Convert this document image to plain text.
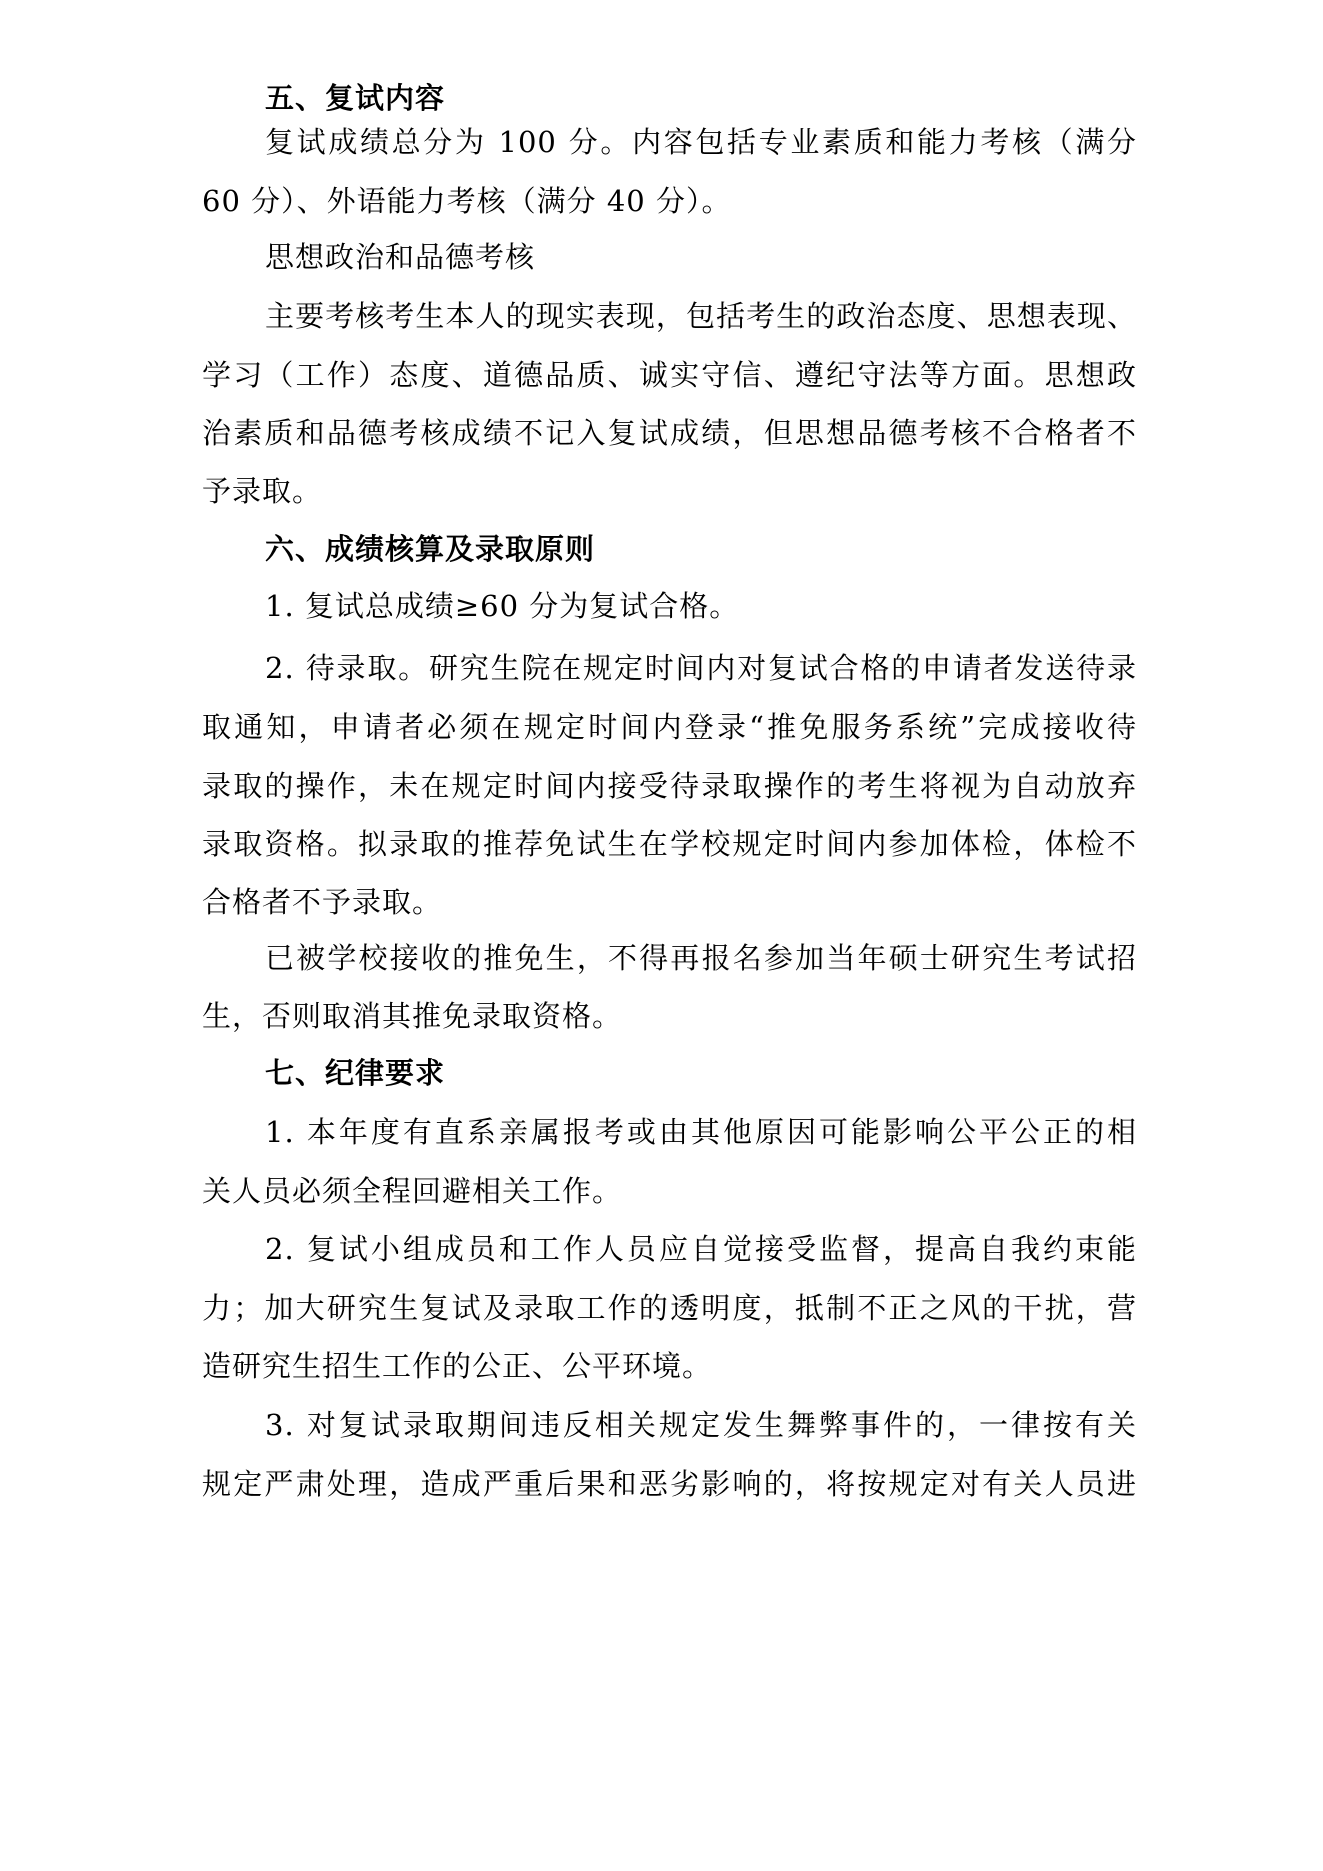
五、复试内容
复试成绩总分为 100 分。内容包括专业素质和能力考核（满分
60 分）、外语能力考核（满分 40 分）。
思想政治和品德考核
主要考核考生本人的现实表现，包括考生的政治态度、思想表现、
学习（工作）态度、道德品质、诚实守信、遵纪守法等方面。思想政
治素质和品德考核成绩不记入复试成绩，但思想品德考核不合格者不
予录取。
六、成绩核算及录取原则
1. 复试总成绩≥60 分为复试合格。
2. 待录取。研究生院在规定时间内对复试合格的申请者发送待录
取通知，申请者必须在规定时间内登录“推免服务系统”完成接收待
录取的操作，未在规定时间内接受待录取操作的考生将视为自动放弃
录取资格。拟录取的推荐免试生在学校规定时间内参加体检，体检不
合格者不予录取。
已被学校接收的推免生，不得再报名参加当年硕士研究生考试招
生，否则取消其推免录取资格。
七、纪律要求
1. 本年度有直系亲属报考或由其他原因可能影响公平公正的相
关人员必须全程回避相关工作。
2. 复试小组成员和工作人员应自觉接受监督，提高自我约束能
力；加大研究生复试及录取工作的透明度，抵制不正之风的干扰，营
造研究生招生工作的公正、公平环境。
3. 对复试录取期间违反相关规定发生舞弊事件的，一律按有关
规定严肃处理，造成严重后果和恶劣影响的，将按规定对有关人员进
